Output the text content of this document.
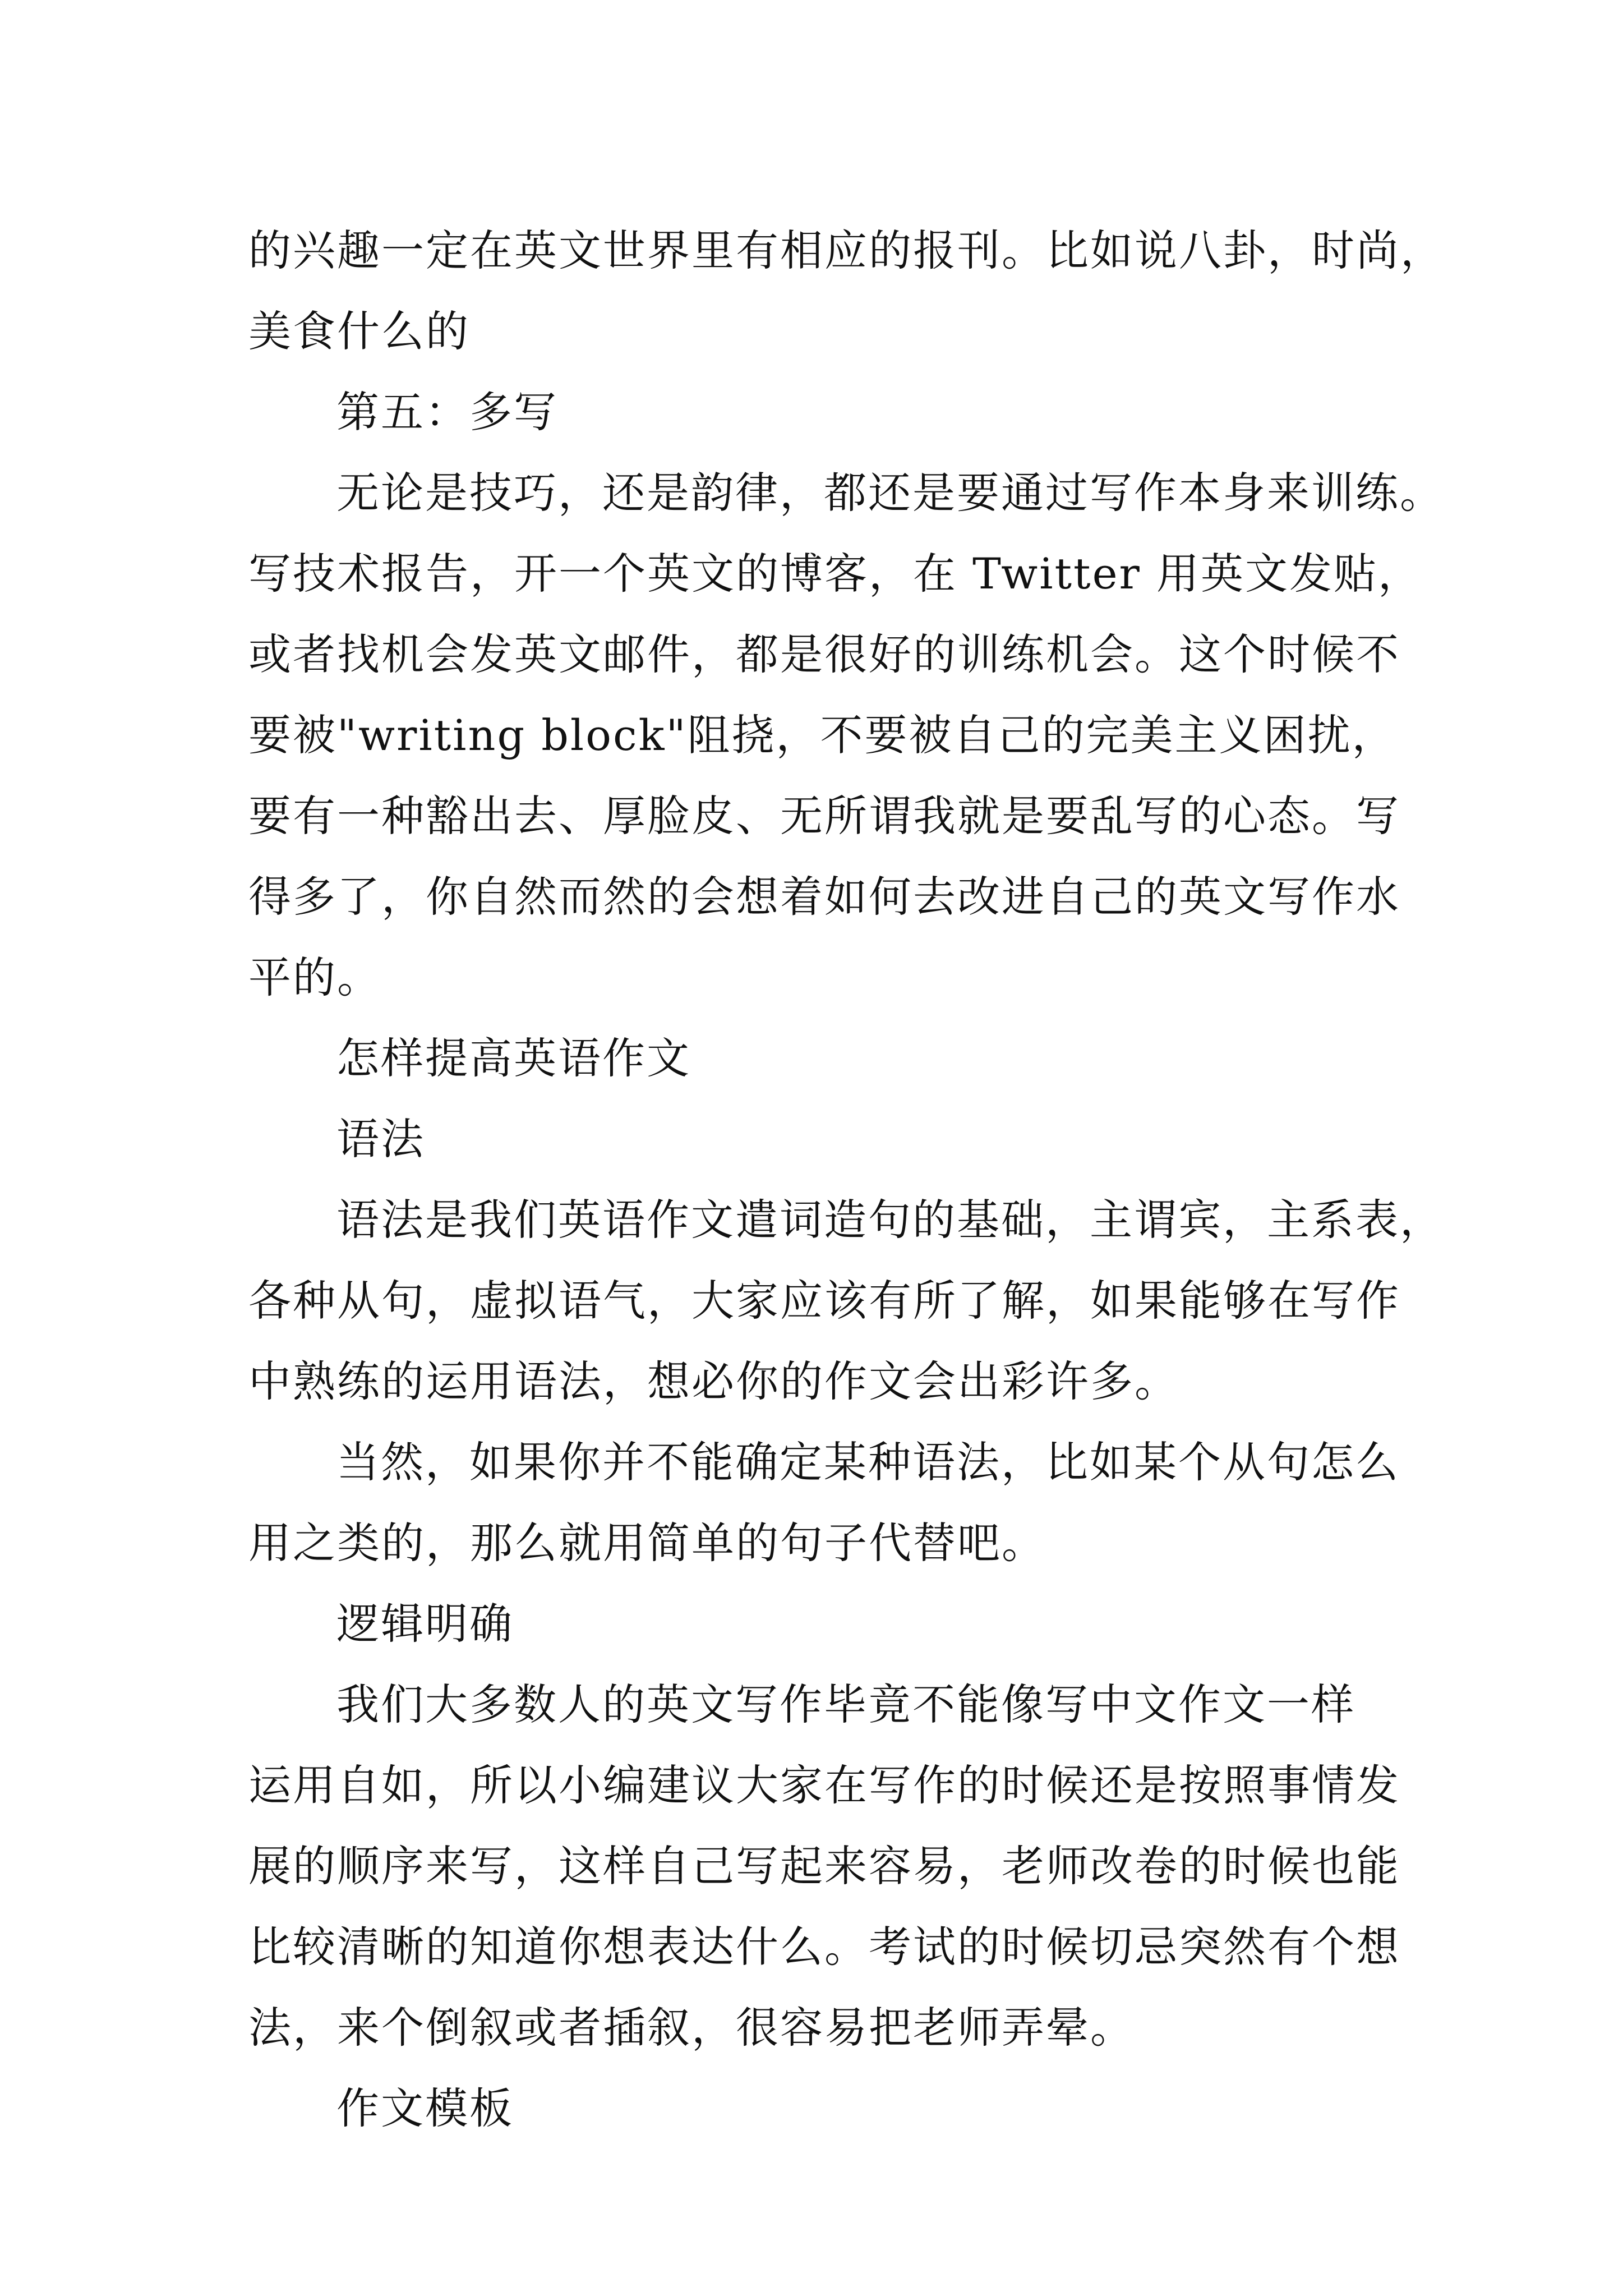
的兴趣一定在英文世界里有相应的报刊。比如说八卦，时尚，
美食什么的
第五：多写
无论是技巧，还是韵律，都还是要通过写作本身来训练。
写技术报告，开一个英文的博客，在 Twitter 用英文发贴，
或者找机会发英文邮件，都是很好的训练机会。这个时候不
要被"writing block"阻挠，不要被自己的完美主义困扰，
要有一种豁出去、厚脸皮、无所谓我就是要乱写的心态。写
得多了，你自然而然的会想着如何去改进自己的英文写作水
平的。
怎样提高英语作文
语法
语法是我们英语作文遣词造句的基础，主谓宾，主系表，
各种从句，虚拟语气，大家应该有所了解，如果能够在写作
中熟练的运用语法，想必你的作文会出彩许多。
当然，如果你并不能确定某种语法，比如某个从句怎么
用之类的，那么就用简单的句子代替吧。
逻辑明确
我们大多数人的英文写作毕竟不能像写中文作文一样
运用自如，所以小编建议大家在写作的时候还是按照事情发
展的顺序来写，这样自己写起来容易，老师改卷的时候也能
比较清晰的知道你想表达什么。考试的时候切忌突然有个想
法，来个倒叙或者插叙，很容易把老师弄晕。
作文模板
